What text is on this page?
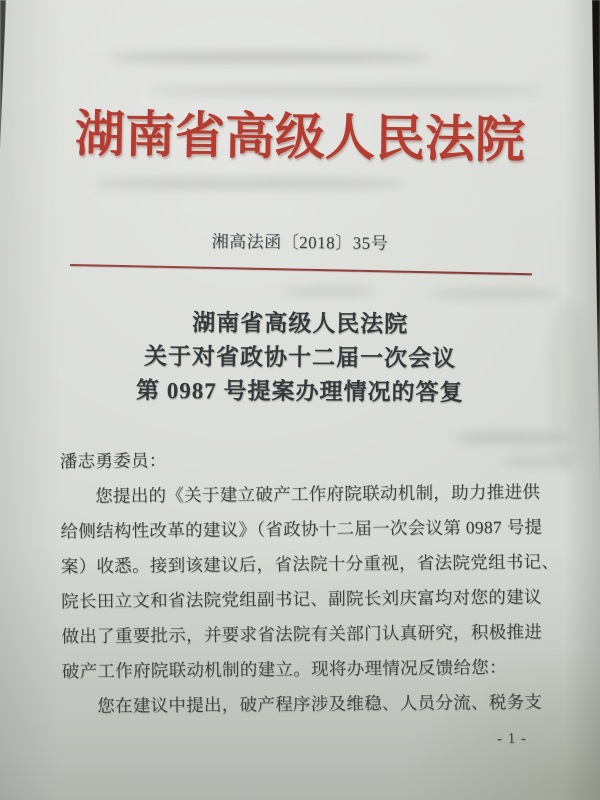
湖南省高级人民法院
湘高法函〔2018〕35号
湖南省高级人民法院
关于对省政协十二届一次会议
第 0987 号提案办理情况的答复
潘志勇委员：
您提出的《关于建立破产工作府院联动机制，助力推进供
给侧结构性改革的建议》（省政协十二届一次会议第 0987 号提
案）收悉。接到该建议后，省法院十分重视，省法院党组书记、
院长田立文和省法院党组副书记、副院长刘庆富均对您的建议
做出了重要批示，并要求省法院有关部门认真研究，积极推进
破产工作府院联动机制的建立。现将办理情况反馈给您：
您在建议中提出，破产程序涉及维稳、人员分流、税务支
- 1 -
